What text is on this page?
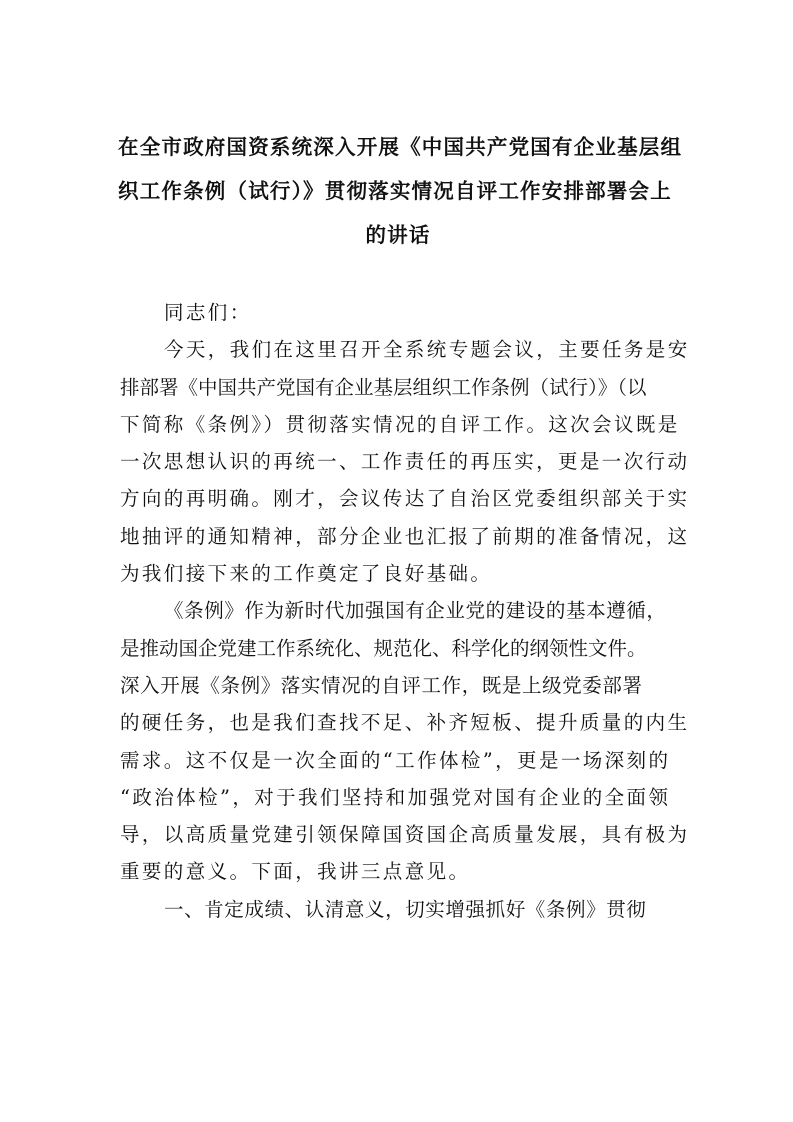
在全市政府国资系统深入开展《中国共产党国有企业基层组
织工作条例（试行）》贯彻落实情况自评工作安排部署会上
的讲话
同志们：
今天，我们在这里召开全系统专题会议，主要任务是安
排部署《中国共产党国有企业基层组织工作条例（试行）》（以
下简称《条例》）贯彻落实情况的自评工作。这次会议既是
一次思想认识的再统一、工作责任的再压实，更是一次行动
方向的再明确。刚才，会议传达了自治区党委组织部关于实
地抽评的通知精神，部分企业也汇报了前期的准备情况，这
为我们接下来的工作奠定了良好基础。
《条例》作为新时代加强国有企业党的建设的基本遵循，
是推动国企党建工作系统化、规范化、科学化的纲领性文件。
深入开展《条例》落实情况的自评工作，既是上级党委部署
的硬任务，也是我们查找不足、补齐短板、提升质量的内生
需求。这不仅是一次全面的“工作体检”，更是一场深刻的
“政治体检”，对于我们坚持和加强党对国有企业的全面领
导，以高质量党建引领保障国资国企高质量发展，具有极为
重要的意义。下面，我讲三点意见。
一、肯定成绩、认清意义，切实增强抓好《条例》贯彻
